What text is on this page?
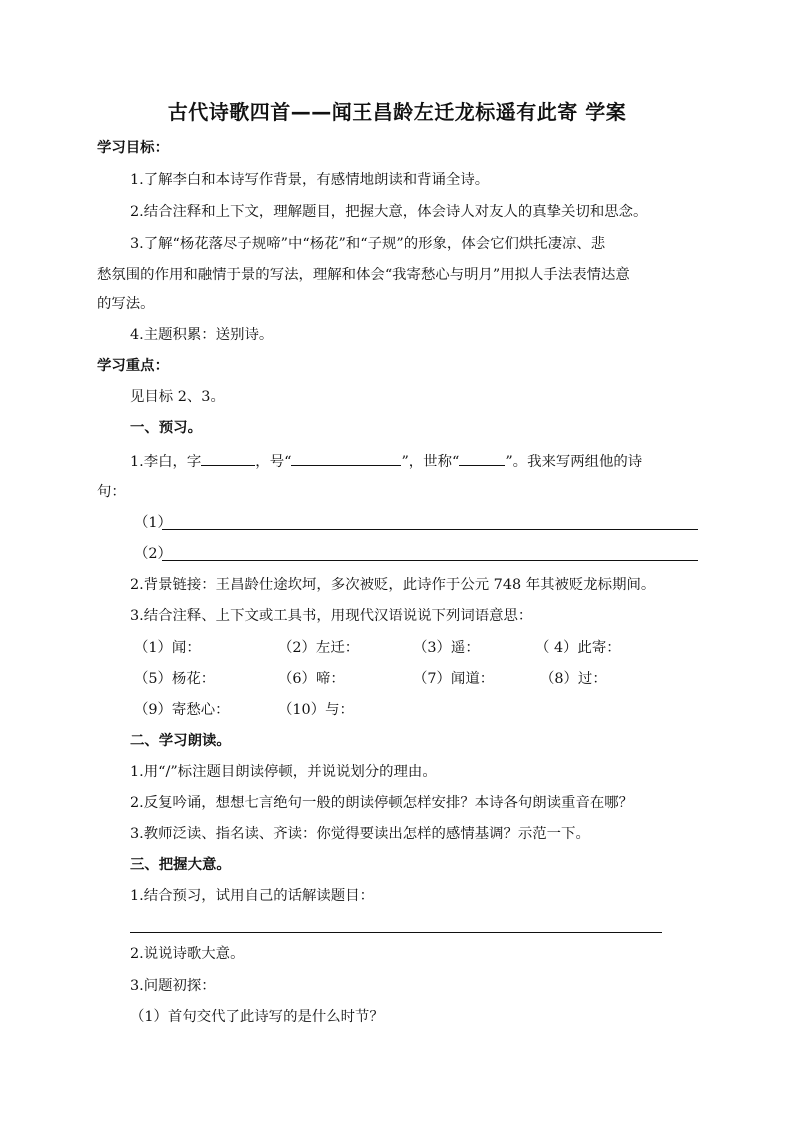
古代诗歌四首——闻王昌龄左迁龙标遥有此寄 学案
学习目标：
1.了解李白和本诗写作背景，有感情地朗读和背诵全诗。
2.结合注释和上下文，理解题目，把握大意，体会诗人对友人的真挚关切和思念。
3.了解“杨花落尽子规啼”中“杨花”和“子规”的形象，体会它们烘托凄凉、悲
愁氛围的作用和融情于景的写法，理解和体会“我寄愁心与明月”用拟人手法表情达意
的写法。
4.主题积累：送别诗。
学习重点：
见目标 2、3。
一、预习。
1.李白，字	，号“	”，世称“	”。我来写两组他的诗
句：
（1）
（2）
2.背景链接：王昌龄仕途坎坷，多次被贬，此诗作于公元 748 年其被贬龙标期间。
3.结合注释、上下文或工具书，用现代汉语说说下列词语意思：
（1）闻：	（2）左迁：	（3）遥：	（ 4）此寄：
（5）杨花：	（6）啼：	（7）闻道：	（8）过：
（9）寄愁心：	（10）与：
二、学习朗读。
1.用“/”标注题目朗读停顿，并说说划分的理由。
2.反复吟诵，想想七言绝句一般的朗读停顿怎样安排？本诗各句朗读重音在哪？
3.教师泛读、指名读、齐读：你觉得要读出怎样的感情基调？示范一下。
三、把握大意。
1.结合预习，试用自己的话解读题目：
2.说说诗歌大意。
3.问题初探：
（1）首句交代了此诗写的是什么时节？
